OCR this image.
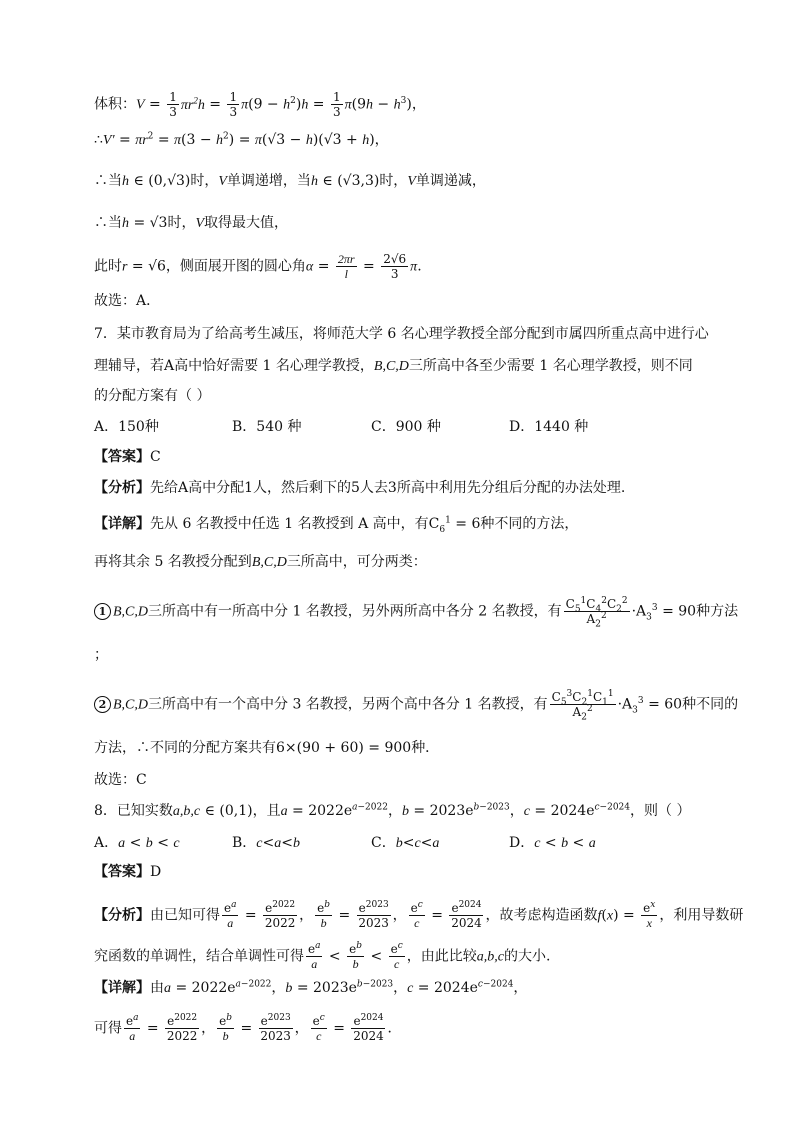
体积：$V = \frac{1}{3} \pi r^2h = \frac{1}{3} \pi(9 - h^2)h = \frac{1}{3} \pi(9h - h^3)$，
∴V′ = $\pi r^2 = \pi(3 - h^2) = \pi(√3 - h)(√3 + h)$，
∴当h ∈ (0,√3)时，V单调递增，当h ∈ (√3,3)时，V单调递减，
∴当h = √3时，V取得最大值，
此时r = √6，侧面展开图的圆心角$\alpha = \frac{2\pi r}{l} = \frac{2√6}{3} \pi$.
故选：A．
7．某市教育局为了给高考生减压，将师范大学 6 名心理学教授全部分配到市属四所重点高中进行心
理辅导，若A高中恰好需要 1 名心理学教授，B,C,D三所高中各至少需要 1 名心理学教授，则不同
的分配方案有（ ）
A．150种	B．540 种	C．900 种	D．1440 种
【答案】C
【分析】先给A高中分配1人，然后剩下的5人去3所高中利用先分组后分配的办法处理.
【详解】先从 6 名教授中任选 1 名教授到 A 高中，有$C_6^1 = 6$种不同的方法，
再将其余 5 名教授分配到B,C,D三所高中，可分两类：
1 B,C,D三所高中有一所高中分 1 名教授，另外两所高中各分 2 名教授，有 $\frac{C_5^1C_4^2C_2^2}{A_2^2} \cdot A_3^3 = 90$种方法
；
2 B,C,D三所高中有一个高中分 3 名教授，另两个高中各分 1 名教授，有 $\frac{C_5^3C_2^1C_1^1}{A_2^2} \cdot A_3^3 = 60$种不同的
方法，∴不同的分配方案共有6×(90 + 60) = 900种．
故选：C
8．已知实数a,b,c ∈ (0,1)，且$a = 2022e^{a-2022}$，$b = 2023e^{b-2023}$，$c = 2024e^{c-2024}$，则（ ）
A．a < b < c	B．c<a<b	C．b<c<a	D．c < b < a
【答案】D
【分析】由已知可得 $\frac{e^a}{a} = \frac{e^{2022}}{2022}$ ， $\frac{e^b}{b} = \frac{e^{2023}}{2023}$ ， $\frac{e^c}{c} = \frac{e^{2024}}{2024}$ ，故考虑构造函数$f(x) = \frac{e^x}{x}$ ，利用导数研
究函数的单调性，结合单调性可得 $\frac{e^a}{a} < \frac{e^b}{b} < \frac{e^c}{c}$ ，由此比较a,b,c的大小.
【详解】由$a = 2022e^{a-2022}$，$b = 2023e^{b-2023}$，$c = 2024e^{c-2024}$，
可得 $\frac{e^a}{a} = \frac{e^{2022}}{2022}$ ， $\frac{e^b}{b} = \frac{e^{2023}}{2023}$ ， $\frac{e^c}{c} = \frac{e^{2024}}{2024}$ ．
